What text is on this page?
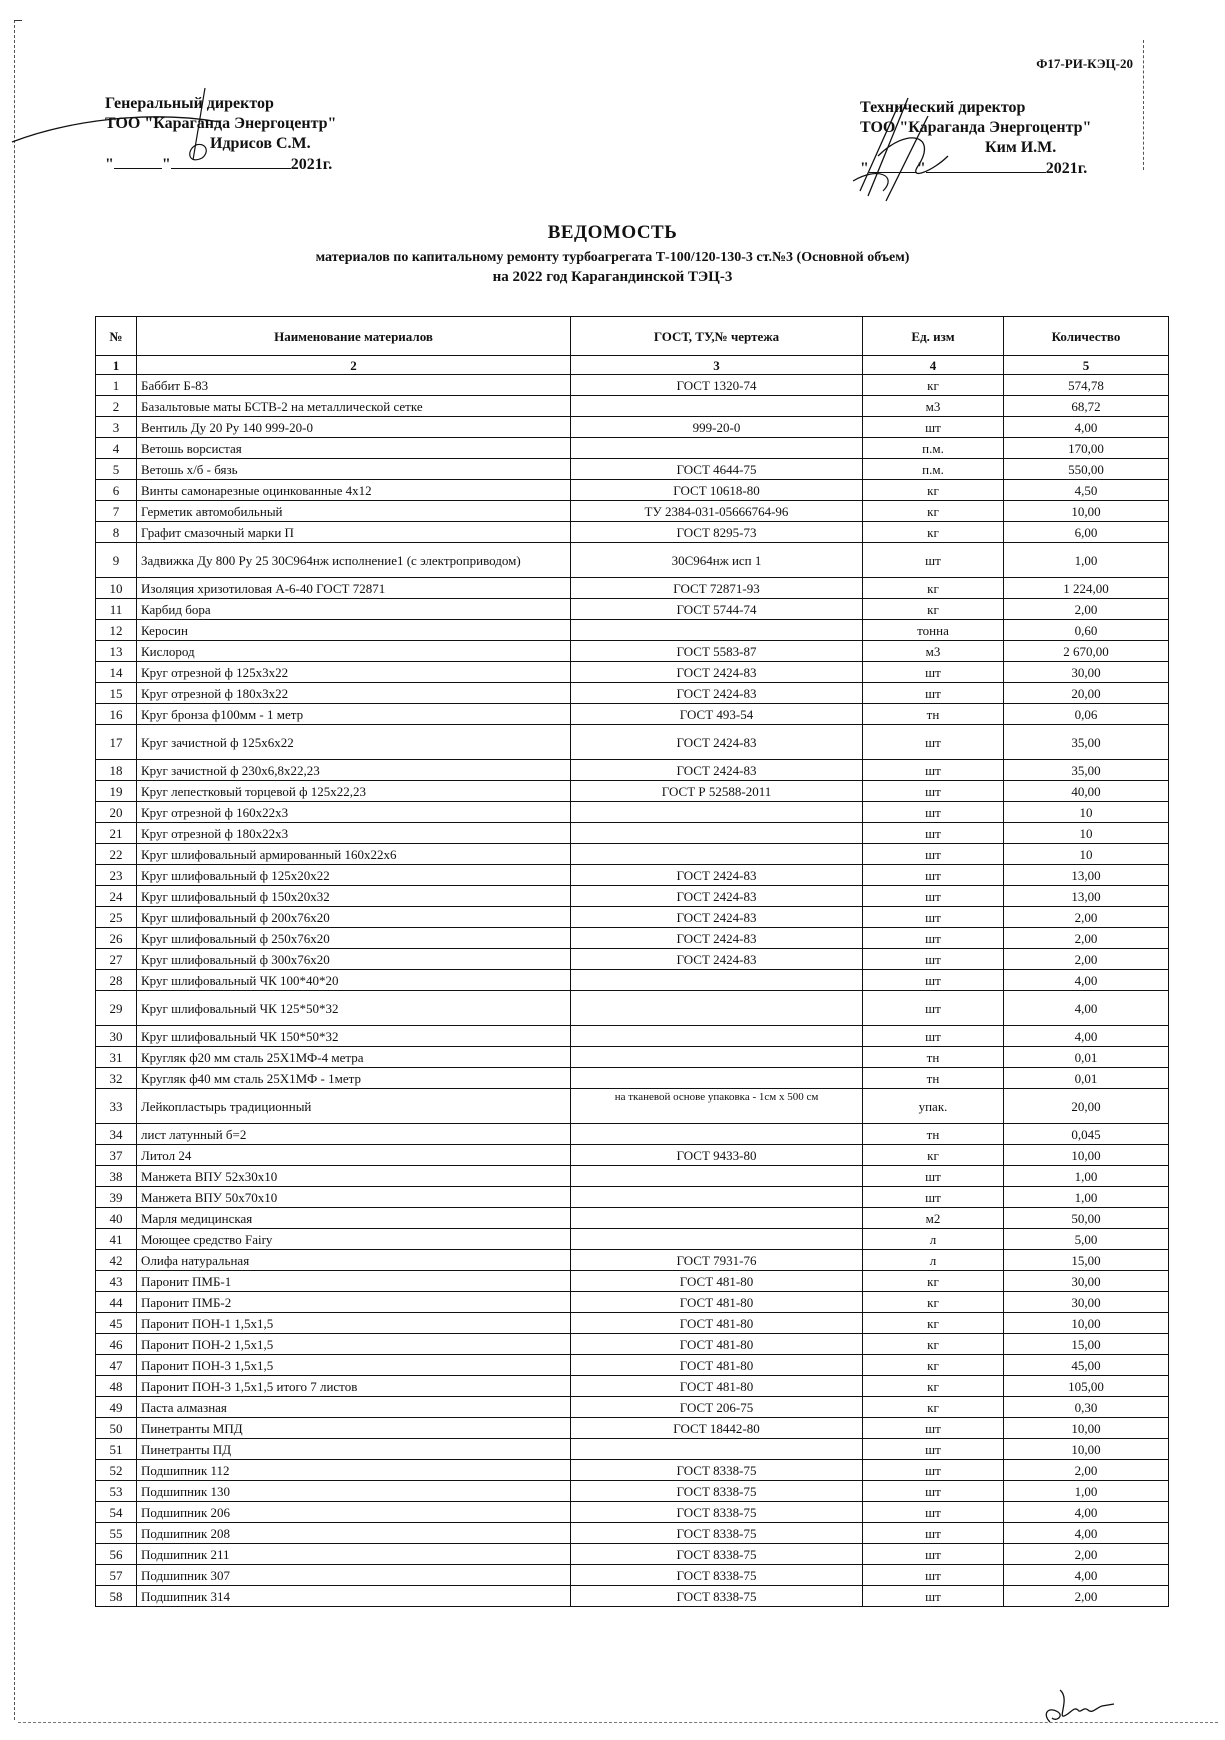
Ф17-РИ-КЭЦ-20
Генеральный директор
ТОО "Караганда Энергоцентр"
Идрисов С.М.
"	"	2021г.
Технический директор
ТОО "Караганда Энергоцентр"
Ким И.М.
"	"	2021г.
ВЕДОМОСТЬ
материалов по капитальному ремонту турбоагрегата Т-100/120-130-3 ст.№3 (Основной объем)
на 2022 год Карагандинской ТЭЦ-3
№	Наименование материалов	ГОСТ, ТУ,№ чертежа	Ед. изм	Количество
1	2	3	4	5
1	Баббит Б-83	ГОСТ 1320-74	кг	574,78
2	Базальтовые маты БСТВ-2 на металлической сетке		м3	68,72
3	Вентиль Ду 20 Ру 140 999-20-0	999-20-0	шт	4,00
4	Ветошь ворсистая		п.м.	170,00
5	Ветошь х/б - бязь	ГОСТ 4644-75	п.м.	550,00
6	Винты самонарезные оцинкованные 4х12	ГОСТ 10618-80	кг	4,50
7	Герметик автомобильный	ТУ 2384-031-05666764-96	кг	10,00
8	Графит смазочный марки П	ГОСТ 8295-73	кг	6,00
9	Задвижка Ду 800 Ру 25 30С964нж исполнение1 (с электроприводом)	30С964нж исп 1	шт	1,00
10	Изоляция хризотиловая А-6-40 ГОСТ 72871	ГОСТ 72871-93	кг	1 224,00
11	Карбид бора	ГОСТ 5744-74	кг	2,00
12	Керосин		тонна	0,60
13	Кислород	ГОСТ 5583-87	м3	2 670,00
14	Круг отрезной ф 125х3х22	ГОСТ 2424-83	шт	30,00
15	Круг отрезной ф 180х3х22	ГОСТ 2424-83	шт	20,00
16	Круг бронза ф100мм - 1 метр	ГОСТ 493-54	тн	0,06
17	Круг зачистной ф 125х6х22	ГОСТ 2424-83	шт	35,00
18	Круг зачистной ф 230х6,8х22,23	ГОСТ 2424-83	шт	35,00
19	Круг лепестковый торцевой ф 125х22,23	ГОСТ Р 52588-2011	шт	40,00
20	Круг отрезной ф 160х22х3		шт	10
21	Круг отрезной ф 180х22х3		шт	10
22	Круг шлифовальный армированный 160х22х6		шт	10
23	Круг шлифовальный ф 125х20х22	ГОСТ 2424-83	шт	13,00
24	Круг шлифовальный ф 150х20х32	ГОСТ 2424-83	шт	13,00
25	Круг шлифовальный ф 200х76х20	ГОСТ 2424-83	шт	2,00
26	Круг шлифовальный ф 250х76х20	ГОСТ 2424-83	шт	2,00
27	Круг шлифовальный ф 300х76х20	ГОСТ 2424-83	шт	2,00
28	Круг шлифовальный ЧК 100*40*20		шт	4,00
29	Круг шлифовальный ЧК 125*50*32		шт	4,00
30	Круг шлифовальный ЧК 150*50*32		шт	4,00
31	Кругляк ф20 мм сталь 25Х1МФ-4 метра		тн	0,01
32	Кругляк ф40 мм сталь 25Х1МФ - 1метр		тн	0,01
33	Лейкопластырь традиционный	на тканевой основе упаковка - 1см х 500 см	упак.	20,00
34	лист латунный б=2		тн	0,045
37	Литол 24	ГОСТ 9433-80	кг	10,00
38	Манжета ВПУ 52х30х10		шт	1,00
39	Манжета ВПУ 50х70х10		шт	1,00
40	Марля медицинская		м2	50,00
41	Моющее средство Fairy		л	5,00
42	Олифа натуральная	ГОСТ 7931-76	л	15,00
43	Паронит ПМБ-1	ГОСТ 481-80	кг	30,00
44	Паронит ПМБ-2	ГОСТ 481-80	кг	30,00
45	Паронит ПОН-1 1,5х1,5	ГОСТ 481-80	кг	10,00
46	Паронит ПОН-2 1,5х1,5	ГОСТ 481-80	кг	15,00
47	Паронит ПОН-3 1,5х1,5	ГОСТ 481-80	кг	45,00
48	Паронит ПОН-3 1,5х1,5 итого 7 листов	ГОСТ 481-80	кг	105,00
49	Паста алмазная	ГОСТ 206-75	кг	0,30
50	Пинетранты МПД	ГОСТ 18442-80	шт	10,00
51	Пинетранты ПД		шт	10,00
52	Подшипник 112	ГОСТ 8338-75	шт	2,00
53	Подшипник 130	ГОСТ 8338-75	шт	1,00
54	Подшипник 206	ГОСТ 8338-75	шт	4,00
55	Подшипник 208	ГОСТ 8338-75	шт	4,00
56	Подшипник 211	ГОСТ 8338-75	шт	2,00
57	Подшипник 307	ГОСТ 8338-75	шт	4,00
58	Подшипник 314	ГОСТ 8338-75	шт	2,00
